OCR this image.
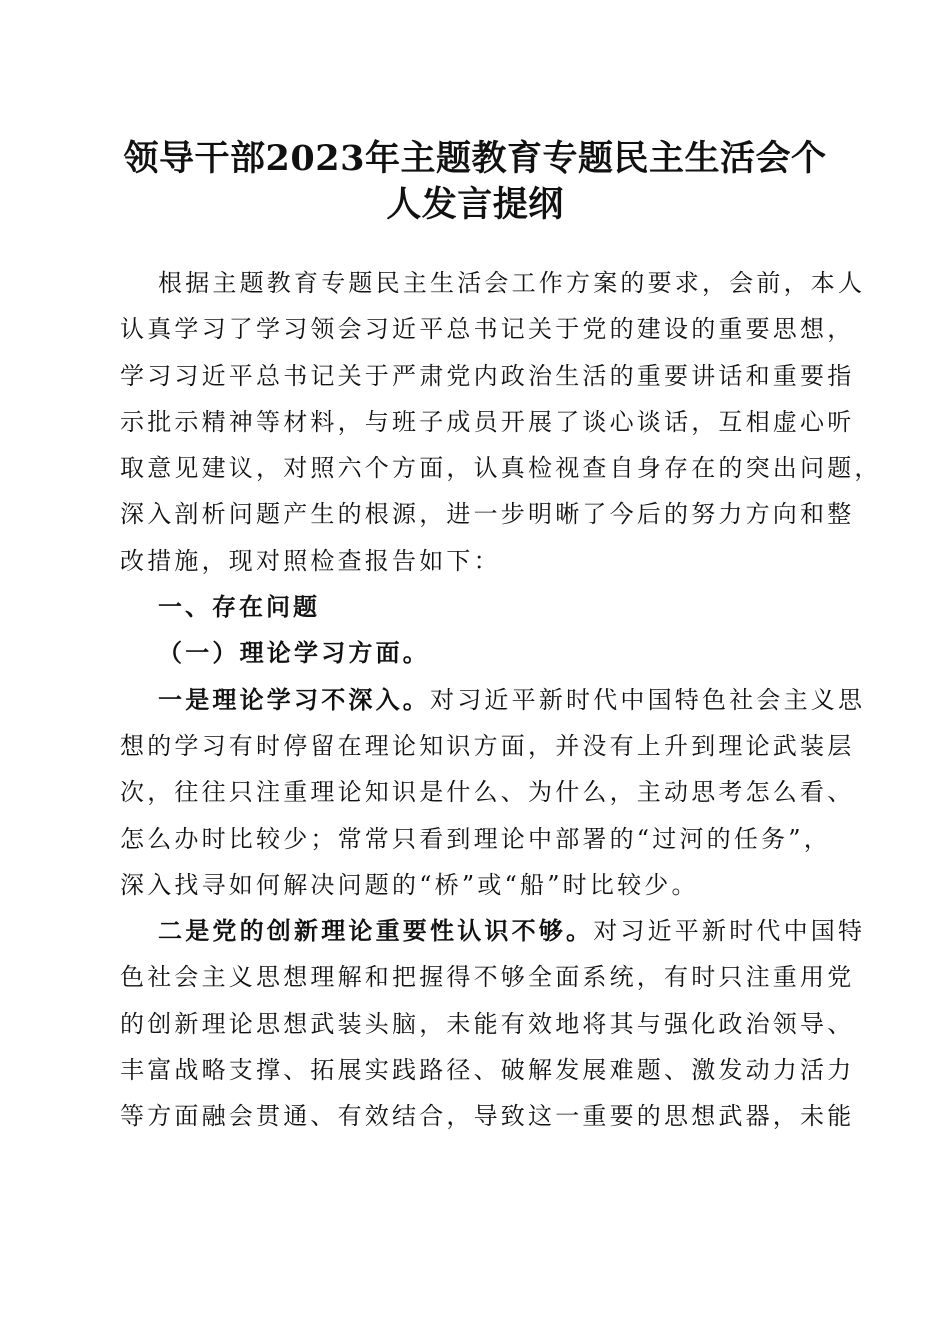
领导干部2023年主题教育专题民主生活会个
人发言提纲
根据主题教育专题民主生活会工作方案的要求，会前，本人
认真学习了学习领会习近平总书记关于党的建设的重要思想，
学习习近平总书记关于严肃党内政治生活的重要讲话和重要指
示批示精神等材料，与班子成员开展了谈心谈话，互相虚心听
取意见建议，对照六个方面，认真检视查自身存在的突出问题，
深入剖析问题产生的根源，进一步明晰了今后的努力方向和整
改措施，现对照检查报告如下：
一、存在问题
（一）理论学习方面。
一是理论学习不深入。对习近平新时代中国特色社会主义思
想的学习有时停留在理论知识方面，并没有上升到理论武装层
次，往往只注重理论知识是什么、为什么，主动思考怎么看、
怎么办时比较少；常常只看到理论中部署的“过河的任务”，
深入找寻如何解决问题的“桥”或“船”时比较少。
二是党的创新理论重要性认识不够。对习近平新时代中国特
色社会主义思想理解和把握得不够全面系统，有时只注重用党
的创新理论思想武装头脑，未能有效地将其与强化政治领导、
丰富战略支撑、拓展实践路径、破解发展难题、激发动力活力
等方面融会贯通、有效结合，导致这一重要的思想武器，未能
